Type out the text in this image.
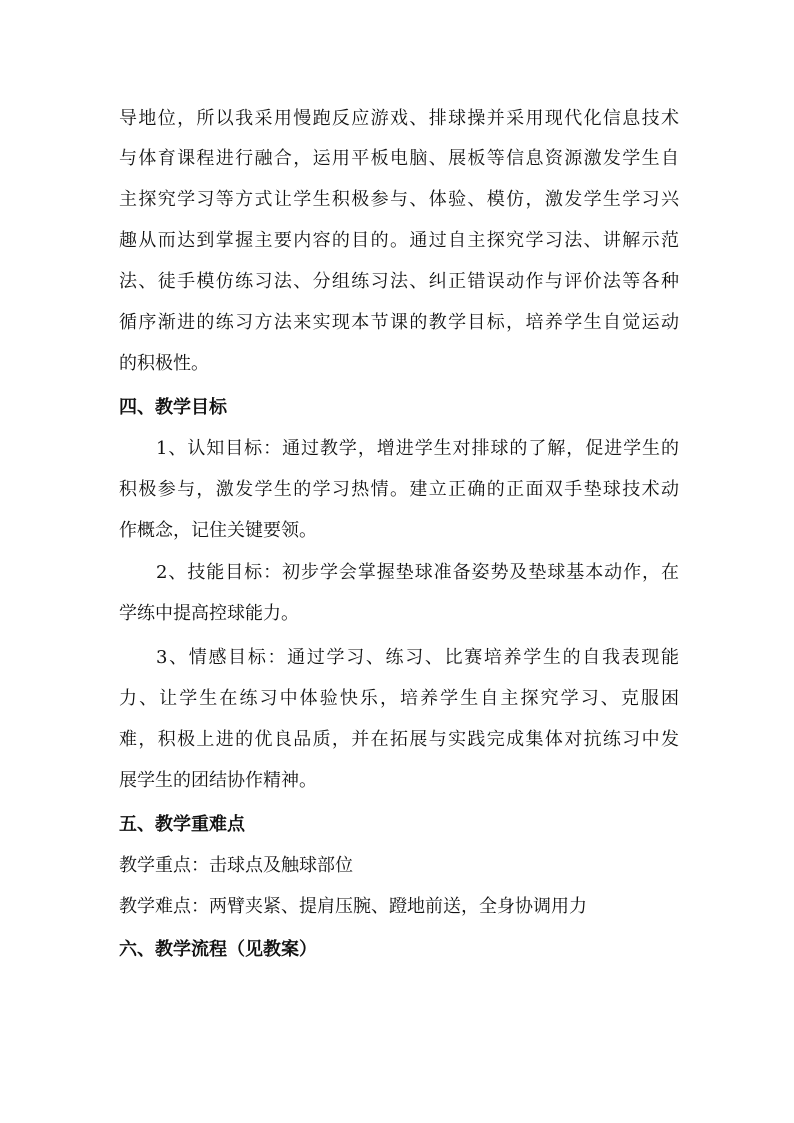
导地位，所以我采用慢跑反应游戏、排球操并采用现代化信息技术
与体育课程进行融合，运用平板电脑、展板等信息资源激发学生自
主探究学习等方式让学生积极参与、体验、模仿，激发学生学习兴
趣从而达到掌握主要内容的目的。通过自主探究学习法、讲解示范
法、徒手模仿练习法、分组练习法、纠正错误动作与评价法等各种
循序渐进的练习方法来实现本节课的教学目标，培养学生自觉运动
的积极性。
四、教学目标
1、认知目标：通过教学，增进学生对排球的了解，促进学生的
积极参与，激发学生的学习热情。建立正确的正面双手垫球技术动
作概念，记住关键要领。
2、技能目标：初步学会掌握垫球准备姿势及垫球基本动作，在
学练中提高控球能力。
3、情感目标：通过学习、练习、比赛培养学生的自我表现能
力、让学生在练习中体验快乐，培养学生自主探究学习、克服困
难，积极上进的优良品质，并在拓展与实践完成集体对抗练习中发
展学生的团结协作精神。
五、教学重难点
教学重点：击球点及触球部位
教学难点：两臂夹紧、提肩压腕、蹬地前送，全身协调用力
六、教学流程（见教案）
